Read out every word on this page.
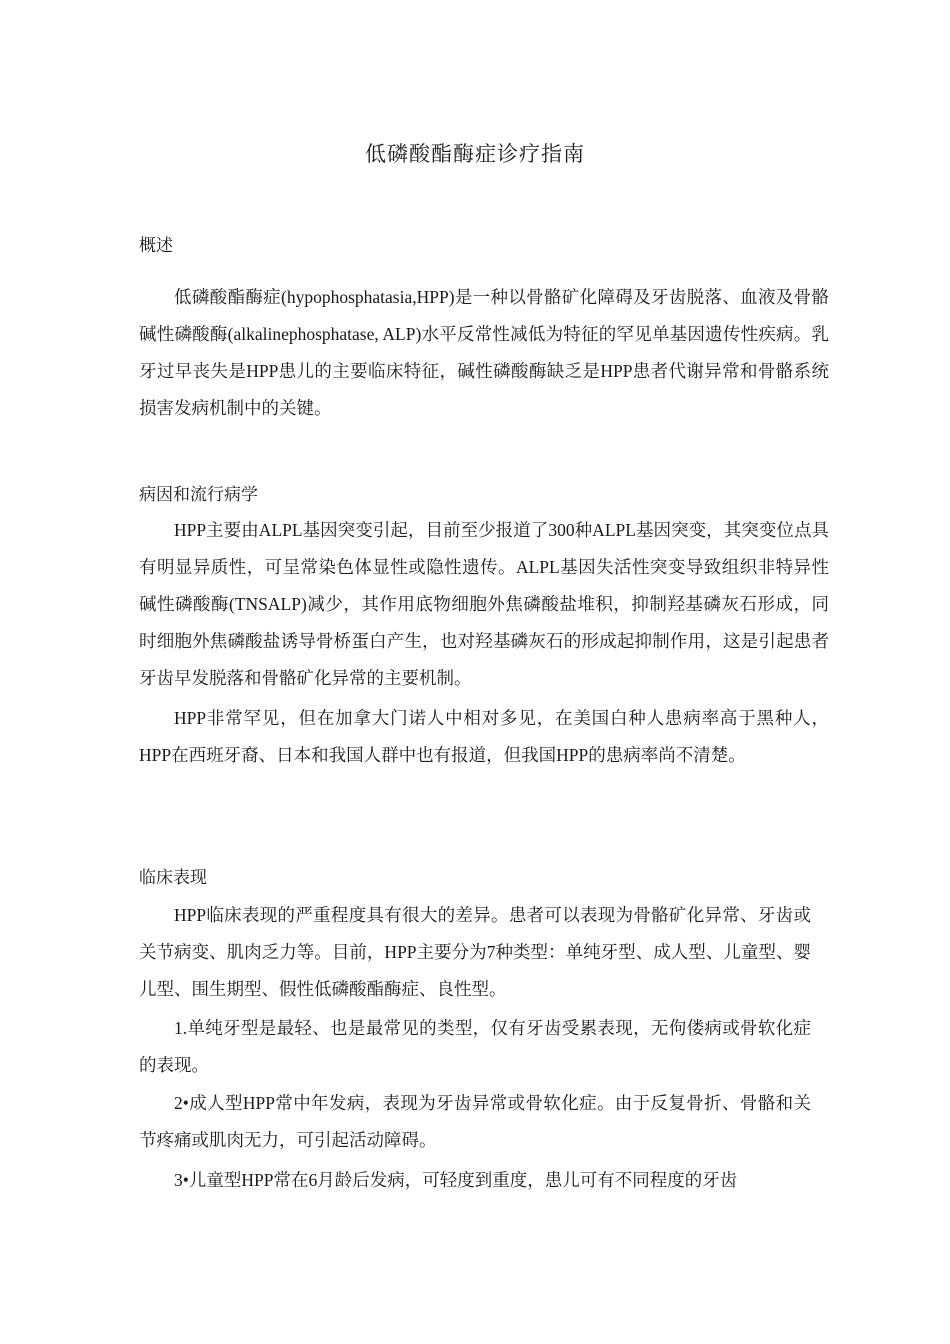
低磷酸酯酶症诊疗指南
概述

低磷酸酯酶症(hypophosphatasia,HPP)是一种以骨骼矿化障碍及牙齿脱落、血液及骨骼碱性磷酸酶(alkalinephosphatase, ALP)水平反常性减低为特征的罕见单基因遗传性疾病。乳牙过早丧失是HPP患儿的主要临床特征，碱性磷酸酶缺乏是HPP患者代谢异常和骨骼系统损害发病机制中的关键。

病因和流行病学

HPP主要由ALPL基因突变引起，目前至少报道了300种ALPL基因突变，其突变位点具有明显异质性，可呈常染色体显性或隐性遗传。ALPL基因失活性突变导致组织非特异性碱性磷酸酶(TNSALP)减少，其作用底物细胞外焦磷酸盐堆积，抑制羟基磷灰石形成，同时细胞外焦磷酸盐诱导骨桥蛋白产生，也对羟基磷灰石的形成起抑制作用，这是引起患者牙齿早发脱落和骨骼矿化异常的主要机制。

HPP非常罕见，但在加拿大门诺人中相对多见，在美国白种人患病率高于黑种人，HPP在西班牙裔、日本和我国人群中也有报道，但我国HPP的患病率尚不清楚。

临床表现

HPP临床表现的严重程度具有很大的差异。患者可以表现为骨骼矿化异常、牙齿或关节病变、肌肉乏力等。目前，HPP主要分为7种类型：单纯牙型、成人型、儿童型、婴儿型、围生期型、假性低磷酸酯酶症、良性型。

1.单纯牙型是最轻、也是最常见的类型，仅有牙齿受累表现，无佝偻病或骨软化症的表现。

2•成人型HPP常中年发病，表现为牙齿异常或骨软化症。由于反复骨折、骨骼和关节疼痛或肌肉无力，可引起活动障碍。

3•儿童型HPP常在6月龄后发病，可轻度到重度，患儿可有不同程度的牙齿
